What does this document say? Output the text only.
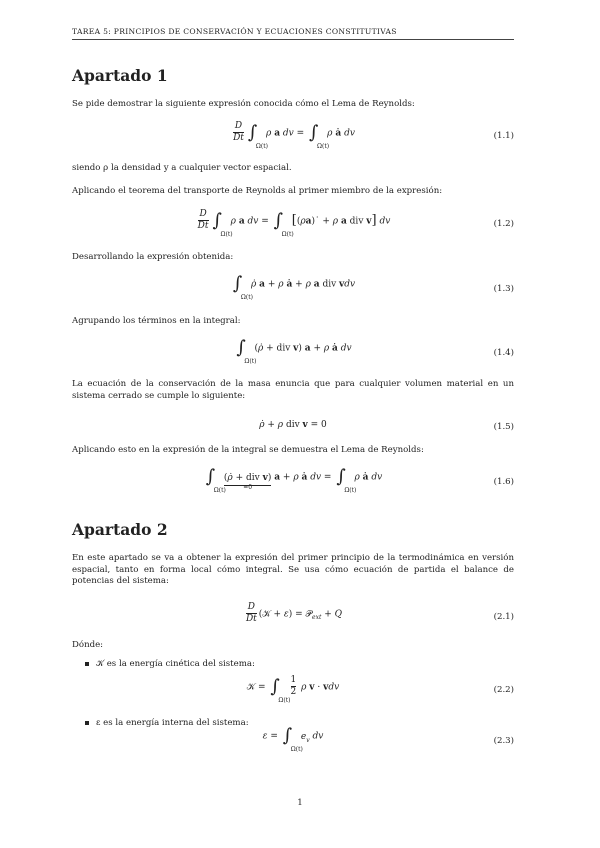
TAREA 5: PRINCIPIOS DE CONSERVACIÓN Y ECUACIONES CONSTITUTIVAS
Apartado 1

Se pide demostrar la siguiente expresión conocida cómo el Lema de Reynolds:

$\frac{D}{Dt}$ ∫
Ω(t)
ρ a dv = ∫
Ω(t)
ρ ȧ dv	(1.1)

siendo ρ la densidad y a cualquier vector espacial.

Aplicando el teorema del transporte de Reynolds al primer miembro de la expresión:

$\frac{D}{Dt}$ ∫
Ω(t)
ρ a dv = ∫
Ω(t)
[(ρa)˙ + ρ a div v] dv	(1.2)

Desarrollando la expresión obtenida:

∫
Ω(t)
ρ̇ a + ρ ȧ + ρ a div vdv	(1.3)

Agrupando los términos en la integral:

∫
Ω(t)
(ρ̇ + div v) a + ρ ȧ dv	(1.4)

La ecuación de la conservación de la masa enuncia que para cualquier volumen material en un sistema cerrado se cumple lo siguiente:

ρ̇ + ρ div v = 0	(1.5)

Aplicando esto en la expresión de la integral se demuestra el Lema de Reynolds:

∫
Ω(t)
(ρ̇ + div v)
=0
a + ρ ȧ dv = ∫
Ω(t)
ρ ȧ dv	(1.6)
Apartado 2

En este apartado se va a obtener la expresión del primer principio de la termodinámica en versión espacial, tanto en forma local cómo integral. Se usa cómo ecuación de partida el balance de potencias del sistema:

$\frac{D}{Dt}$ (𝒦 + ε) = 𝒫$_{ext}$ + Q	(2.1)

Dónde:

𝒦 es la energía cinética del sistema:
𝒦 = ∫
Ω(t)

$\frac{1}{2}$ ρ v · vdv	(2.2)
ε es la energía interna del sistema:
ε = ∫
Ω(t)
$e_v$ dv	(2.3)
1
